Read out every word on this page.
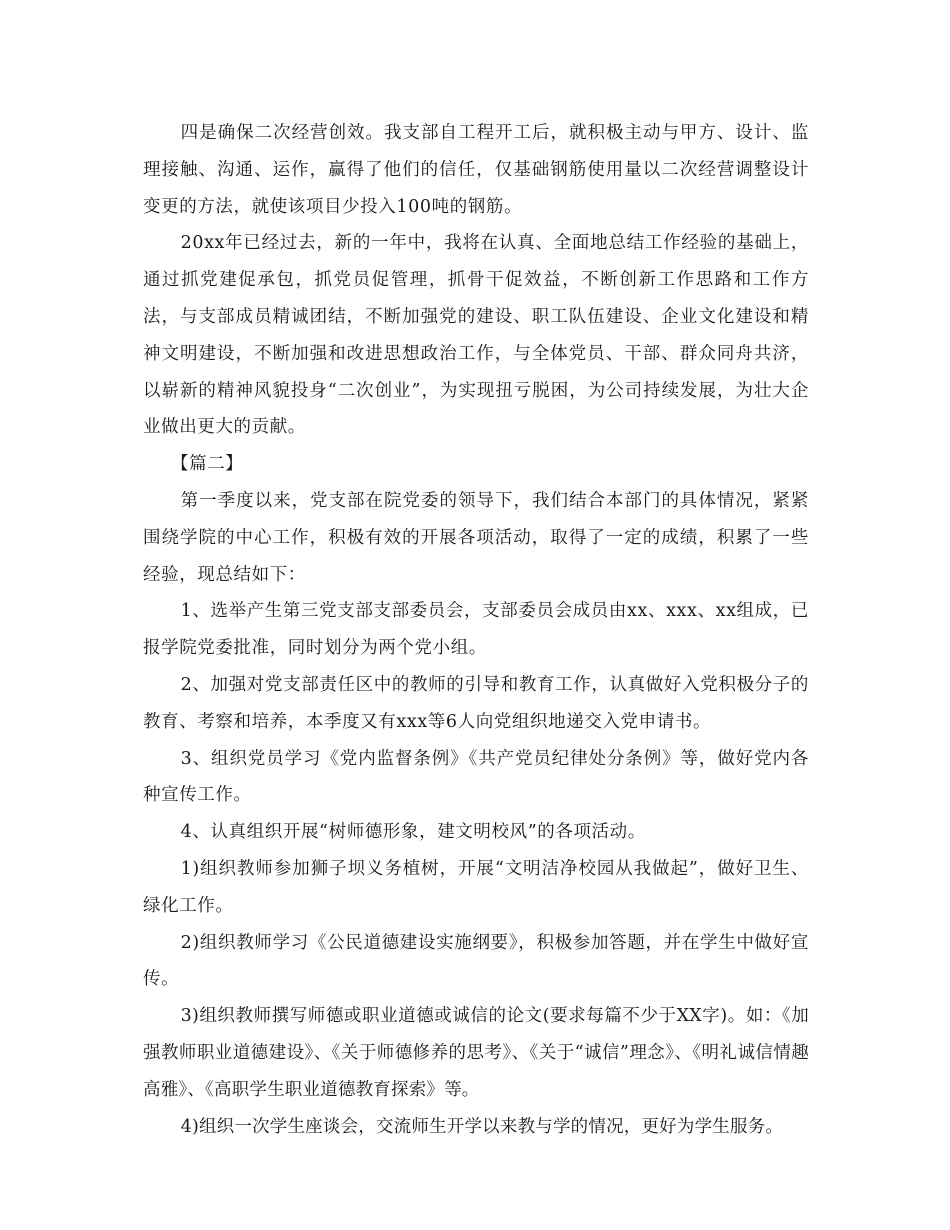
四是确保二次经营创效。我支部自工程开工后，就积极主动与甲方、设计、监理接触、沟通、运作，赢得了他们的信任，仅基础钢筋使用量以二次经营调整设计变更的方法，就使该项目少投入100吨的钢筋。

20xx年已经过去，新的一年中，我将在认真、全面地总结工作经验的基础上，通过抓党建促承包，抓党员促管理，抓骨干促效益，不断创新工作思路和工作方法，与支部成员精诚团结，不断加强党的建设、职工队伍建设、企业文化建设和精神文明建设，不断加强和改进思想政治工作，与全体党员、干部、群众同舟共济，以崭新的精神风貌投身“二次创业”，为实现扭亏脱困，为公司持续发展，为壮大企业做出更大的贡献。

【篇二】

第一季度以来，党支部在院党委的领导下，我们结合本部门的具体情况，紧紧围绕学院的中心工作，积极有效的开展各项活动，取得了一定的成绩，积累了一些经验，现总结如下：

1、选举产生第三党支部支部委员会，支部委员会成员由xx、xxx、xx组成，已报学院党委批准，同时划分为两个党小组。

2、加强对党支部责任区中的教师的引导和教育工作，认真做好入党积极分子的教育、考察和培养，本季度又有xxx等6人向党组织地递交入党申请书。

3、组织党员学习《党内监督条例》《共产党员纪律处分条例》等，做好党内各种宣传工作。

4、认真组织开展“树师德形象，建文明校风”的各项活动。

1)组织教师参加狮子坝义务植树，开展“文明洁净校园从我做起”，做好卫生、绿化工作。

2)组织教师学习《公民道德建设实施纲要》，积极参加答题，并在学生中做好宣传。

3)组织教师撰写师德或职业道德或诚信的论文(要求每篇不少于XX字)。如：《加强教师职业道德建设》、《关于师德修养的思考》、《关于“诚信”理念》、《明礼诚信情趣高雅》、《高职学生职业道德教育探索》等。

4)组织一次学生座谈会，交流师生开学以来教与学的情况，更好为学生服务。
